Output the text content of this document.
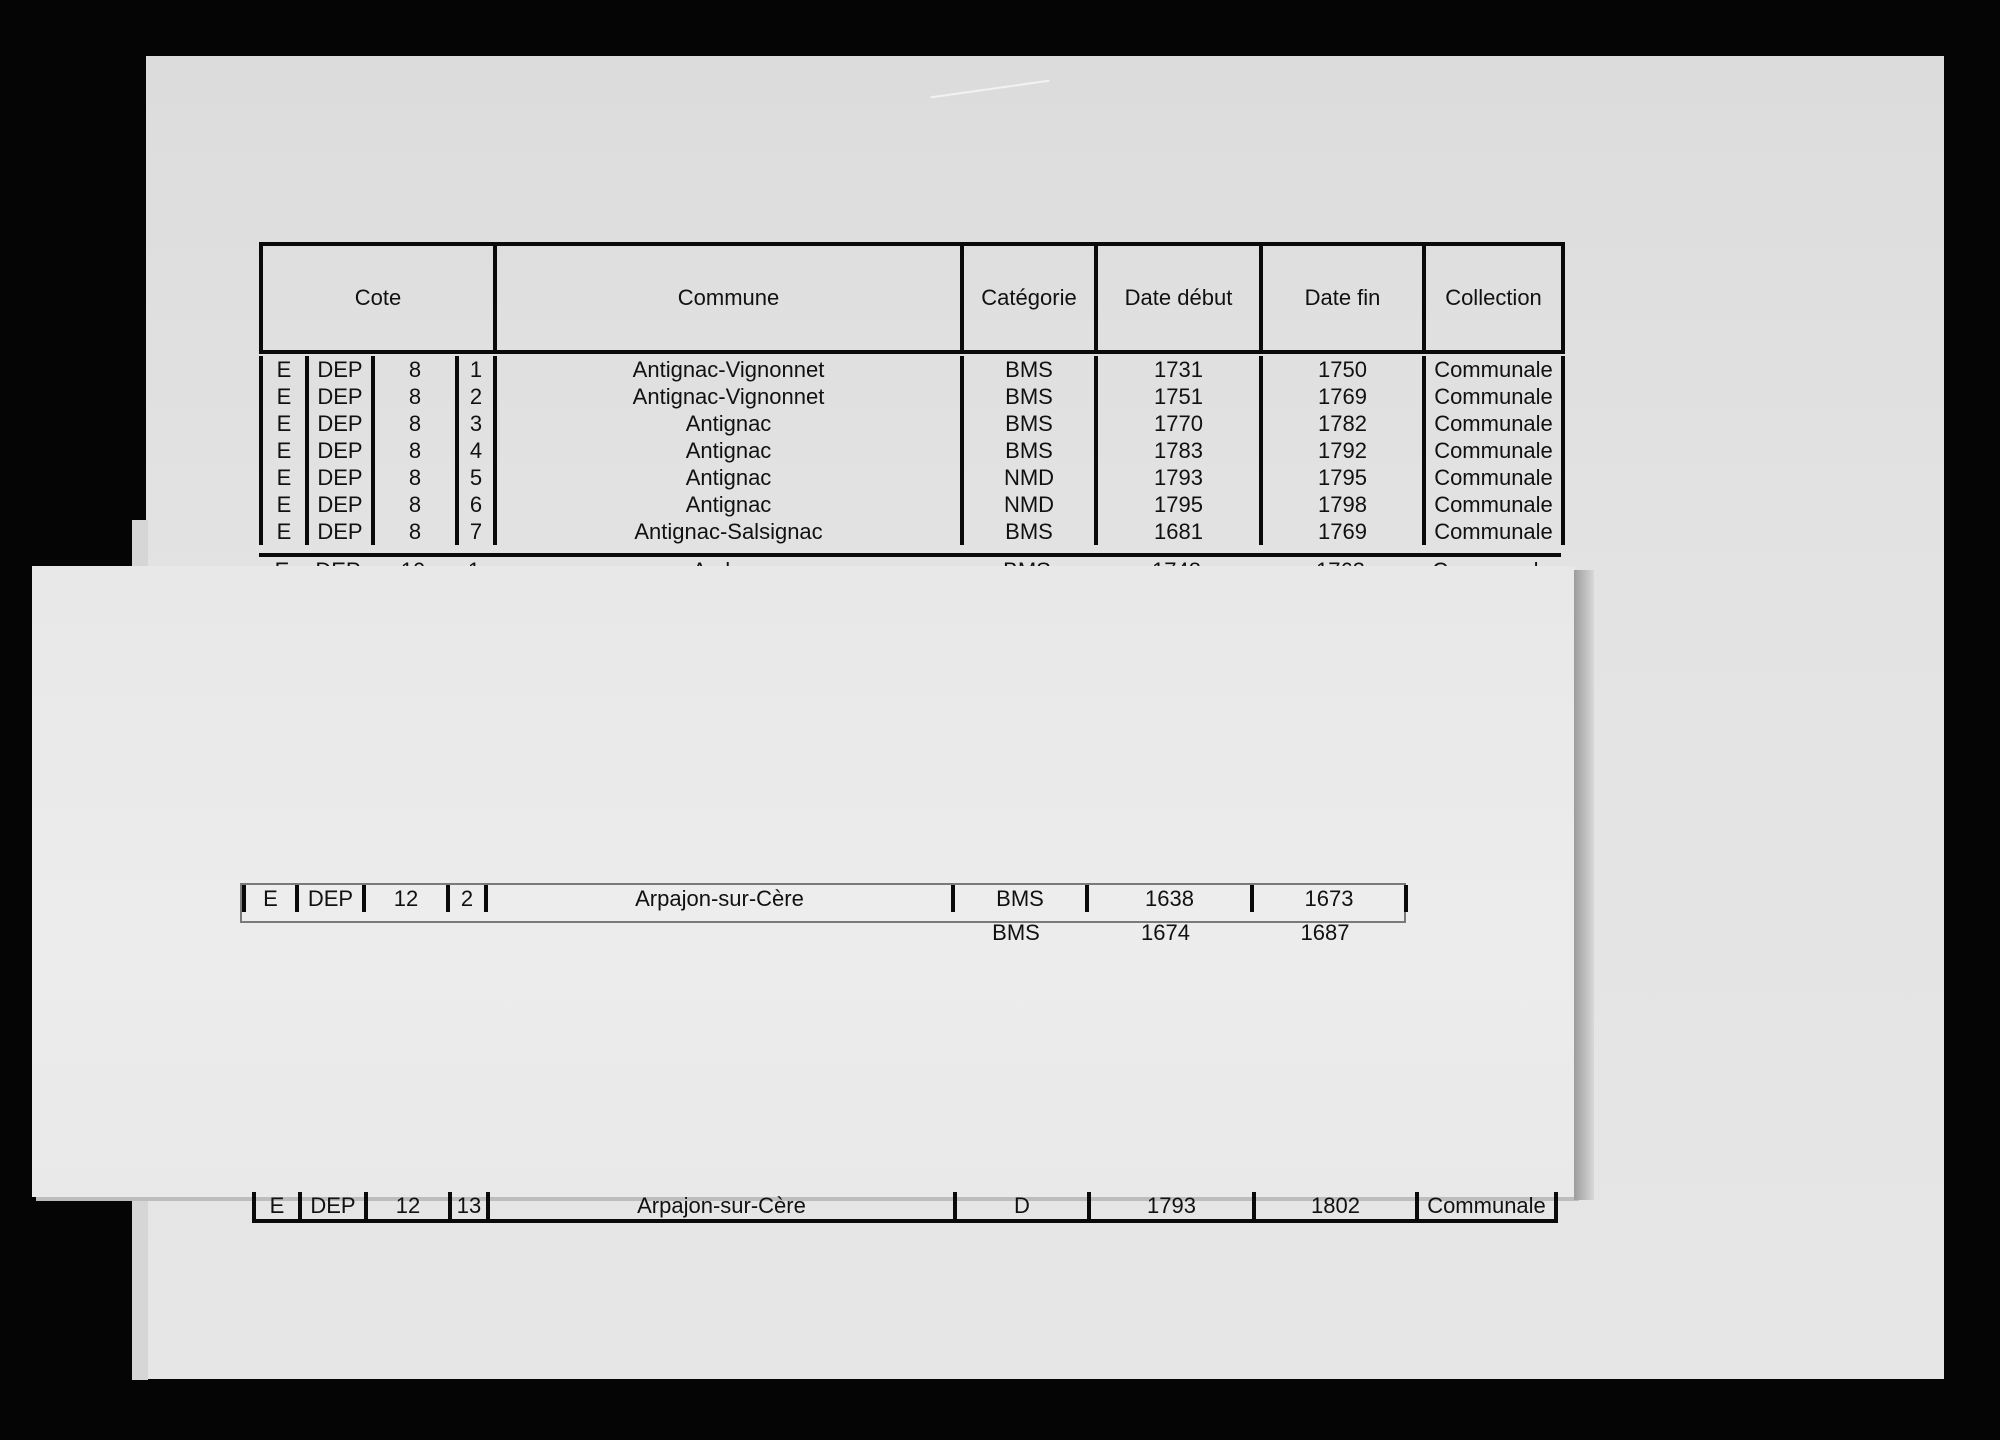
Cote	Commune	Catégorie	Date début	Date fin	Collection
E	DEP	8	1	Antignac-Vignonnet	BMS	1731	1750	Communale
E	DEP	8	2	Antignac-Vignonnet	BMS	1751	1769	Communale
E	DEP	8	3	Antignac	BMS	1770	1782	Communale
E	DEP	8	4	Antignac	BMS	1783	1792	Communale
E	DEP	8	5	Antignac	NMD	1793	1795	Communale
E	DEP	8	6	Antignac	NMD	1795	1798	Communale
E	DEP	8	7	Antignac-Salsignac	BMS	1681	1769	Communale

E	DEP	12	2	Arpajon-sur-Cère	BMS	1638	1673
					BMS	1674	1687
E	DEP	12	13	Arpajon-sur-Cère	D	1793	1802	Communale
